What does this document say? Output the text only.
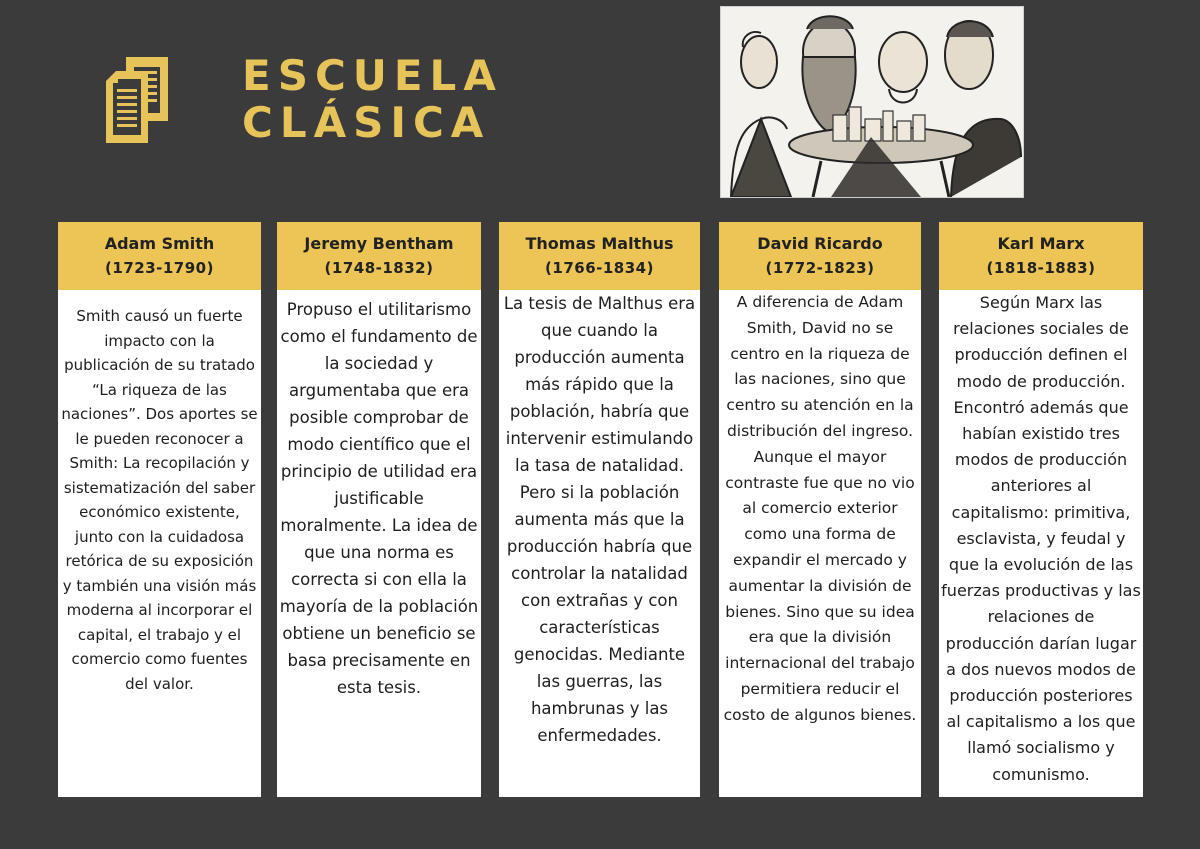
ESCUELA
CLÁSICA
Adam Smith
(1723-1790)
Smith causó un fuerte impacto con la publicación de su tratado “La riqueza de las naciones”. Dos aportes se le pueden reconocer a Smith: La recopilación y sistematización del saber económico existente, junto con la cuidadosa retórica de su exposición y también una visión más moderna al incorporar el capital, el trabajo y el comercio como fuentes del valor.
Jeremy Bentham
(1748-1832)
Propuso el utilitarismo como el fundamento de la sociedad y argumentaba que era posible comprobar de modo científico que el principio de utilidad era justificable moralmente. La idea de que una norma es correcta si con ella la mayoría de la población obtiene un beneficio se basa precisamente en esta tesis.
Thomas Malthus
(1766-1834)
La tesis de Malthus era que cuando la producción aumenta más rápido que la población, habría que intervenir estimulando la tasa de natalidad. Pero si la población aumenta más que la producción habría que controlar la natalidad con extrañas y con características genocidas. Mediante las guerras, las hambrunas y las enfermedades.
David Ricardo
(1772-1823)
A diferencia de Adam Smith, David no se centro en la riqueza de las naciones, sino que centro su atención en la distribución del ingreso. Aunque el mayor contraste fue que no vio al comercio exterior como una forma de expandir el mercado y aumentar la división de bienes. Sino que su idea era que la división internacional del trabajo permitiera reducir el costo de algunos bienes.
Karl Marx
(1818-1883)
Según Marx las relaciones sociales de producción definen el modo de producción. Encontró además que habían existido tres modos de producción anteriores al capitalismo: primitiva, esclavista, y feudal y que la evolución de las fuerzas productivas y las relaciones de producción darían lugar a dos nuevos modos de producción posteriores al capitalismo a los que llamó socialismo y comunismo.
